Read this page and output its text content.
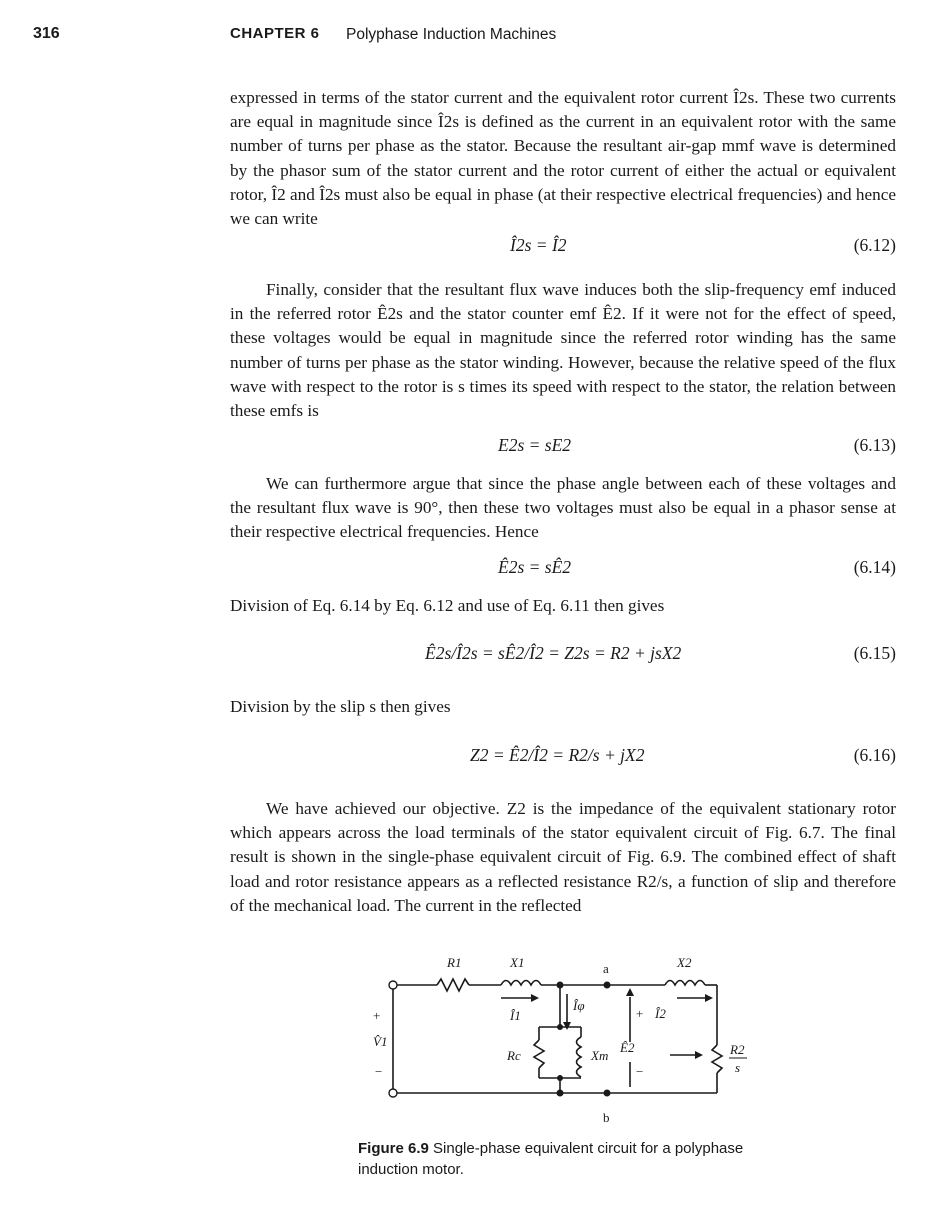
316	CHAPTER 6 Polyphase Induction Machines

expressed in terms of the stator current and the equivalent rotor current Î2s. These two currents are equal in magnitude since Î2s is defined as the current in an equivalent rotor with the same number of turns per phase as the stator. Because the resultant air-gap mmf wave is determined by the phasor sum of the stator current and the rotor current of either the actual or equivalent rotor, Î2 and Î2s must also be equal in phase (at their respective electrical frequencies) and hence we can write

Î2s = Î2	(6.12)

Finally, consider that the resultant flux wave induces both the slip-frequency emf induced in the referred rotor Ê2s and the stator counter emf Ê2. If it were not for the effect of speed, these voltages would be equal in magnitude since the referred rotor winding has the same number of turns per phase as the stator winding. However, because the relative speed of the flux wave with respect to the rotor is s times its speed with respect to the stator, the relation between these emfs is

E2s = sE2	(6.13)

We can furthermore argue that since the phase angle between each of these voltages and the resultant flux wave is 90°, then these two voltages must also be equal in a phasor sense at their respective electrical frequencies. Hence

Ê2s = sÊ2	(6.14)

Division of Eq. 6.14 by Eq. 6.12 and use of Eq. 6.11 then gives

Ê2s/Î2s = sÊ2/Î2 = Z2s = R2 + jsX2	(6.15)

Division by the slip s then gives

Z2 = Ê2/Î2 = R2/s + jX2	(6.16)

We have achieved our objective. Z2 is the impedance of the equivalent stationary rotor which appears across the load terminals of the stator equivalent circuit of Fig. 6.7. The final result is shown in the single-phase equivalent circuit of Fig. 6.9. The combined effect of shaft load and rotor resistance appears as a reflected resistance R2/s, a function of slip and therefore of the mechanical load. The current in the reflected

R1	X1	a	X2
Î1
Îφ
+ Î2
+
V̂1
−
Rc	Xm
Ê2
−
R2
s
b
Figure 6.9 Single-phase equivalent circuit for a polyphase induction motor.
